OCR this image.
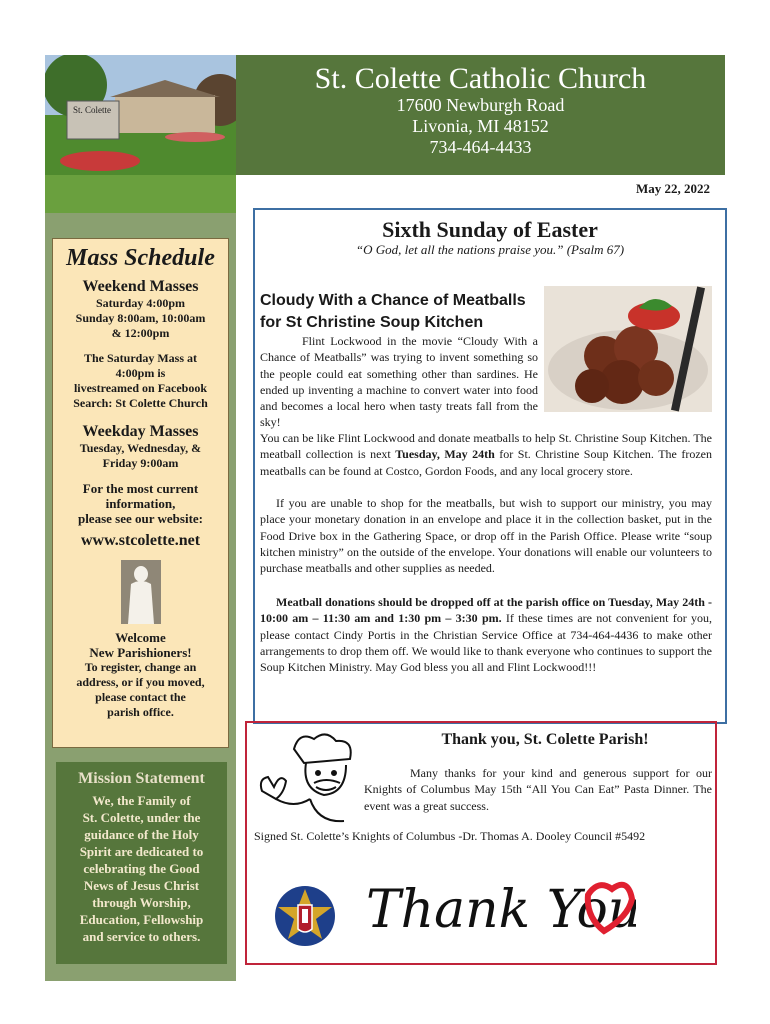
St. Colette
St. Colette Catholic Church
17600 Newburgh Road
Livonia, MI 48152
734-464-4433
May 22, 2022
Mass Schedule
Weekend Masses
Saturday 4:00pm
Sunday 8:00am, 10:00am
& 12:00pm
The Saturday Mass at
4:00pm is
livestreamed on Facebook
Search: St Colette Church
Weekday Masses
Tuesday, Wednesday, &
Friday 9:00am
For the most current
information,
please see our website:
www.stcolette.net
Welcome
New Parishioners!
To register, change an
address, or if you moved,
please contact the
parish office.
Mission Statement
We, the Family of
St. Colette, under the
guidance of the Holy
Spirit are dedicated to
celebrating the Good
News of Jesus Christ
through Worship,
Education, Fellowship
and service to others.
Sixth Sunday of Easter
“O God, let all the nations praise you.” (Psalm 67)
Cloudy With a Chance of Meatballs
for St Christine Soup Kitchen
Flint Lockwood in the movie “Cloudy With a Chance of Meatballs” was trying to invent something so the people could eat something other than sardines. He ended up inventing a machine to convert water into food and becomes a local hero when tasty treats fall from the sky!
You can be like Flint Lockwood and donate meatballs to help St. Christine Soup Kitchen. The meatball collection is next Tuesday, May 24th for St. Christine Soup Kitchen. The frozen meatballs can be found at Costco, Gordon Foods, and any local grocery store.
If you are unable to shop for the meatballs, but wish to support our ministry, you may place your monetary donation in an envelope and place it in the collection basket, put in the Food Drive box in the Gathering Space, or drop off in the Parish Office. Please write “soup kitchen ministry” on the outside of the envelope. Your donations will enable our volunteers to purchase meatballs and other supplies as needed.
Meatball donations should be dropped off at the parish office on Tuesday, May 24th - 10:00 am – 11:30 am and 1:30 pm – 3:30 pm. If these times are not convenient for you, please contact Cindy Portis in the Christian Service Office at 734-464-4436 to make other arrangements to drop them off. We would like to thank everyone who continues to support the Soup Kitchen Ministry. May God bless you all and Flint Lockwood!!!
Thank you, St. Colette Parish!
Many thanks for your kind and generous support for our Knights of Columbus May 15th “All You Can Eat” Pasta Dinner. The event was a great success.
Signed St. Colette’s Knights of Columbus -Dr. Thomas A. Dooley Council #5492
Thank You.
